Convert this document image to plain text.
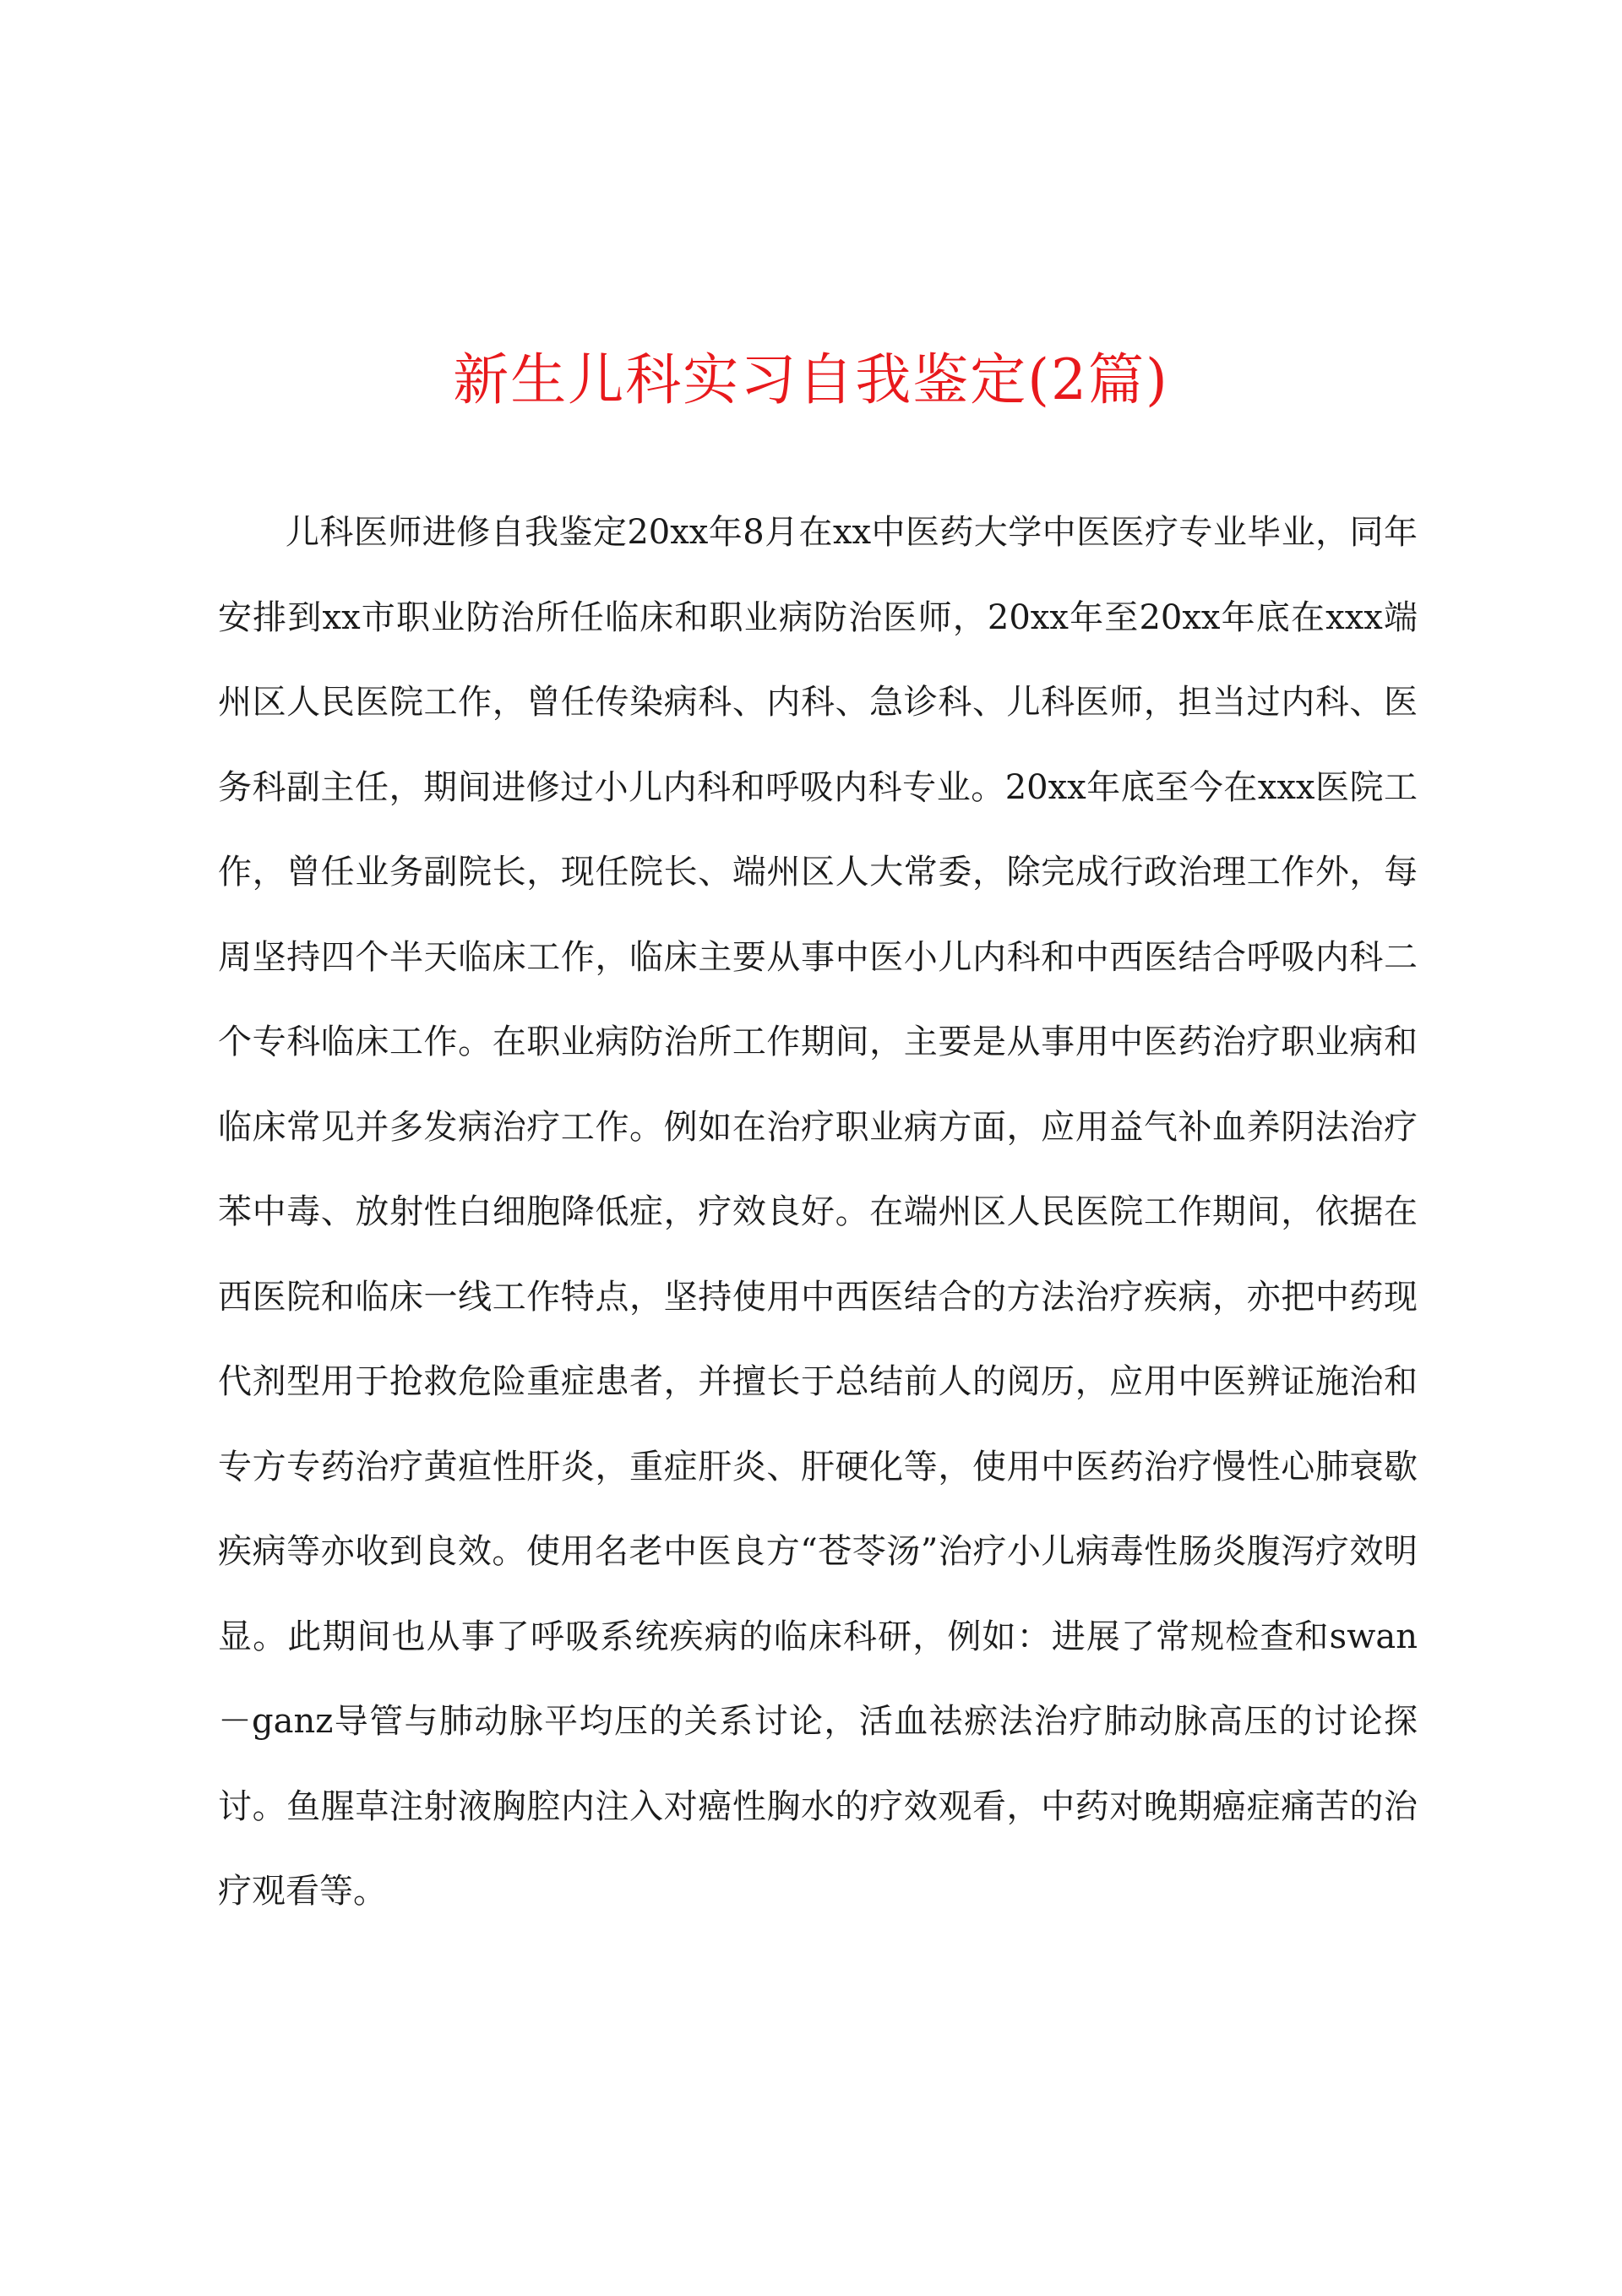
新生儿科实习自我鉴定(2篇)

儿科医师进修自我鉴定20xx年8月在xx中医药大学中医医疗专业毕业，同年安排到xx市职业防治所任临床和职业病防治医师，20xx年至20xx年底在xxx端州区人民医院工作，曾任传染病科、内科、急诊科、儿科医师，担当过内科、医务科副主任，期间进修过小儿内科和呼吸内科专业。20xx年底至今在xxx医院工作，曾任业务副院长，现任院长、端州区人大常委，除完成行政治理工作外，每周坚持四个半天临床工作，临床主要从事中医小儿内科和中西医结合呼吸内科二个专科临床工作。在职业病防治所工作期间，主要是从事用中医药治疗职业病和临床常见并多发病治疗工作。例如在治疗职业病方面，应用益气补血养阴法治疗苯中毒、放射性白细胞降低症，疗效良好。在端州区人民医院工作期间，依据在西医院和临床一线工作特点，坚持使用中西医结合的方法治疗疾病，亦把中药现代剂型用于抢救危险重症患者，并擅长于总结前人的阅历，应用中医辨证施治和专方专药治疗黄疸性肝炎，重症肝炎、肝硬化等，使用中医药治疗慢性心肺衰歇疾病等亦收到良效。使用名老中医良方“苍苓汤”治疗小儿病毒性肠炎腹泻疗效明显。此期间也从事了呼吸系统疾病的临床科研，例如：进展了常规检查和swan－ganz导管与肺动脉平均压的关系讨论，活血祛瘀法治疗肺动脉高压的讨论探讨。鱼腥草注射液胸腔内注入对癌性胸水的疗效观看，中药对晚期癌症痛苦的治疗观看等。
